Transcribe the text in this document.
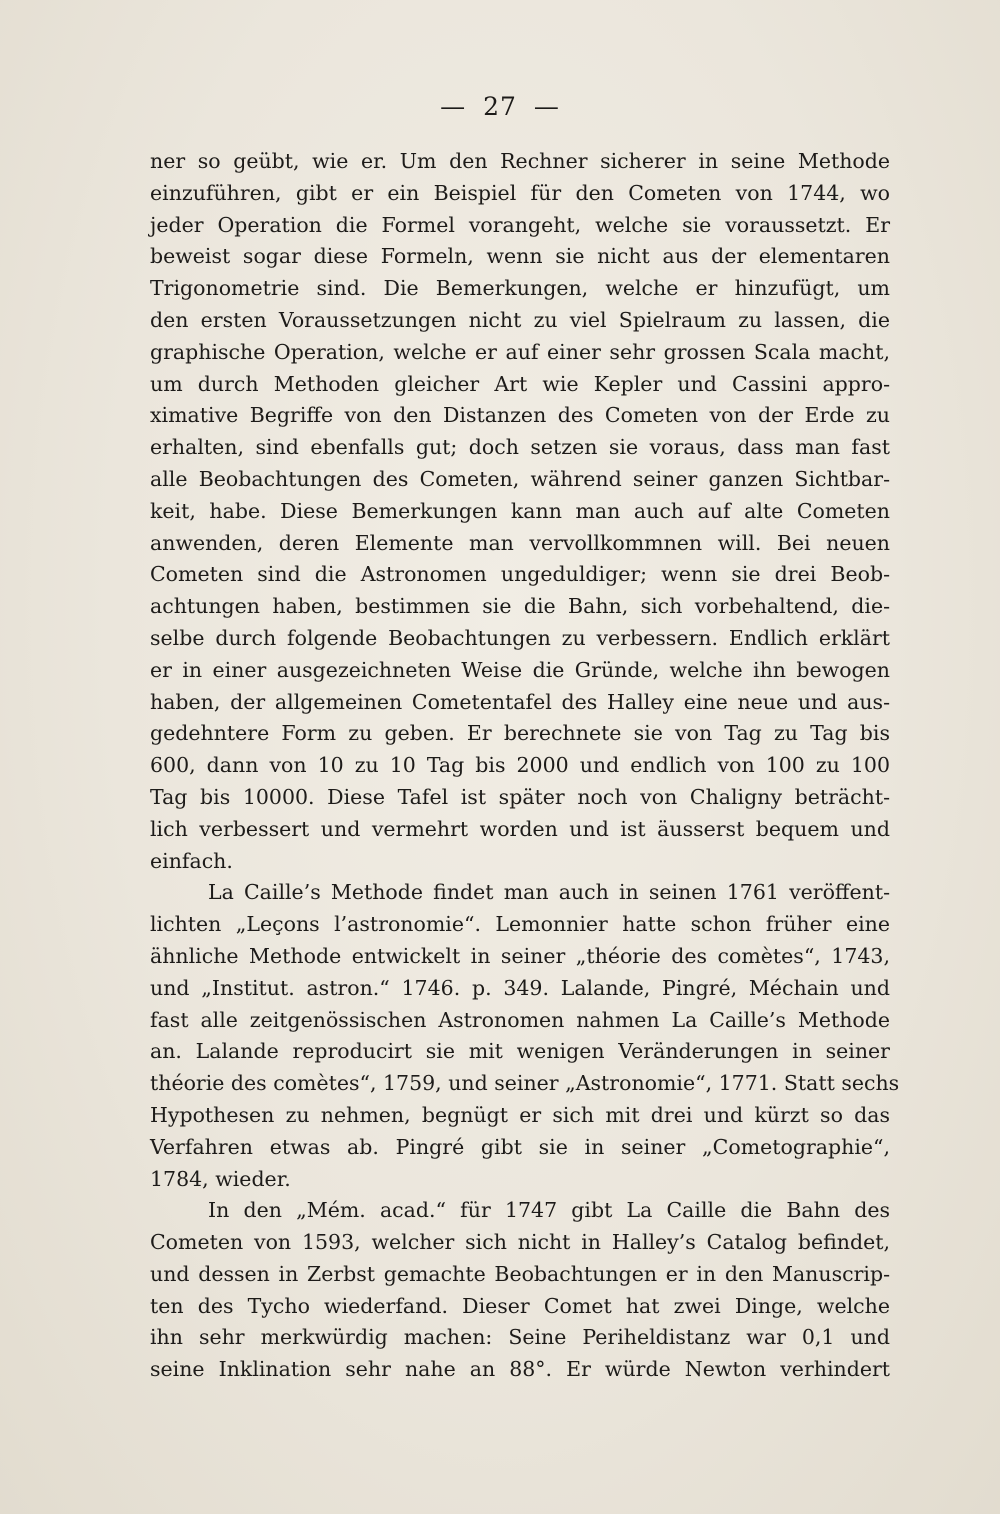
— 27 —
ner so geübt, wie er. Um den Rechner sicherer in seine Methode
einzuführen, gibt er ein Beispiel für den Cometen von 1744, wo
jeder Operation die Formel vorangeht, welche sie voraussetzt. Er
beweist sogar diese Formeln, wenn sie nicht aus der elementaren
Trigonometrie sind. Die Bemerkungen, welche er hinzufügt, um
den ersten Voraussetzungen nicht zu viel Spielraum zu lassen, die
graphische Operation, welche er auf einer sehr grossen Scala macht,
um durch Methoden gleicher Art wie Kepler und Cassini appro-
ximative Begriffe von den Distanzen des Cometen von der Erde zu
erhalten, sind ebenfalls gut; doch setzen sie voraus, dass man fast
alle Beobachtungen des Cometen, während seiner ganzen Sichtbar-
keit, habe. Diese Bemerkungen kann man auch auf alte Cometen
anwenden, deren Elemente man vervollkommnen will. Bei neuen
Cometen sind die Astronomen ungeduldiger; wenn sie drei Beob-
achtungen haben, bestimmen sie die Bahn, sich vorbehaltend, die-
selbe durch folgende Beobachtungen zu verbessern. Endlich erklärt
er in einer ausgezeichneten Weise die Gründe, welche ihn bewogen
haben, der allgemeinen Cometentafel des Halley eine neue und aus-
gedehntere Form zu geben. Er berechnete sie von Tag zu Tag bis
600, dann von 10 zu 10 Tag bis 2000 und endlich von 100 zu 100
Tag bis 10000. Diese Tafel ist später noch von Chaligny beträcht-
lich verbessert und vermehrt worden und ist äusserst bequem und
einfach.
La Caille’s Methode findet man auch in seinen 1761 veröffent-
lichten „Leçons l’astronomie“. Lemonnier hatte schon früher eine
ähnliche Methode entwickelt in seiner „théorie des comètes“, 1743,
und „Institut. astron.“ 1746. p. 349. Lalande, Pingré, Méchain und
fast alle zeitgenössischen Astronomen nahmen La Caille’s Methode
an. Lalande reproducirt sie mit wenigen Veränderungen in seiner
théorie des comètes“, 1759, und seiner „Astronomie“, 1771. Statt sechs
Hypothesen zu nehmen, begnügt er sich mit drei und kürzt so das
Verfahren etwas ab. Pingré gibt sie in seiner „Cometographie“,
1784, wieder.
In den „Mém. acad.“ für 1747 gibt La Caille die Bahn des
Cometen von 1593, welcher sich nicht in Halley’s Catalog befindet,
und dessen in Zerbst gemachte Beobachtungen er in den Manuscrip-
ten des Tycho wiederfand. Dieser Comet hat zwei Dinge, welche
ihn sehr merkwürdig machen: Seine Periheldistanz war 0,1 und
seine Inklination sehr nahe an 88°. Er würde Newton verhindert
